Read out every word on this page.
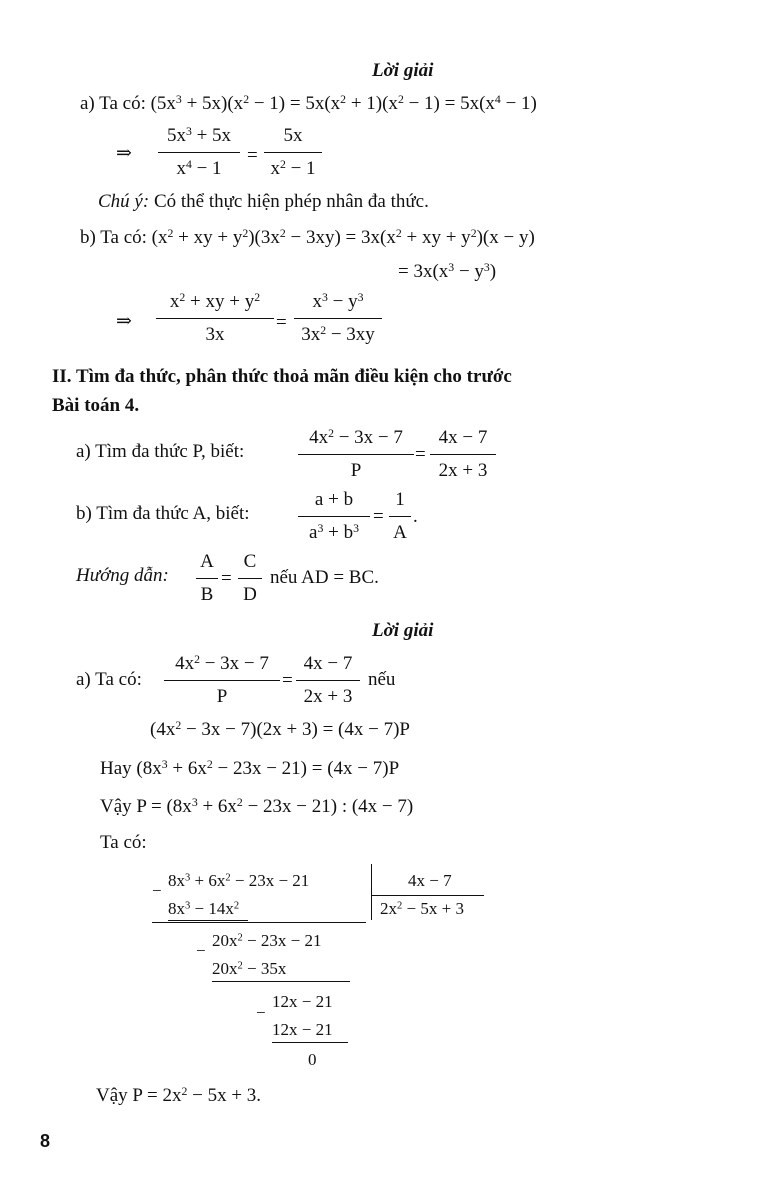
Lời giải
a) Ta có: $(5x^3 + 5x)(x^2 - 1) = 5x(x^2 + 1)(x^2 - 1) = 5x(x^4 - 1)$
⇒
$5x^3 + 5x$
$x^4 - 1$
=
5x
$x^2 - 1$
Chú ý: Có thể thực hiện phép nhân đa thức.
b) Ta có: ($x^2$ + xy + $y^2)(3x^2 - 3xy) = 3x(x^2$ + xy + $y^2)(x - y)$
= $3x(x^3 - y^3)$
⇒
$x^2$ + xy + $y^2$
3x
=
$x^3 - y^3$
$3x^2 - 3xy$
II. Tìm đa thức, phân thức thoả mãn điều kiện cho trước
Bài toán 4.
a) Tìm đa thức P, biết:
$4x^2 - 3x - 7$
P
=
4x − 7
2x + 3
b) Tìm đa thức A, biết:
a + b
$a^3 + b^3$
=
1
A
.
Hướng dẫn:
A
B
=
C
D
nếu AD = BC.
Lời giải
a) Ta có:
$4x^2 - 3x - 7$
P
=
4x − 7
2x + 3
nếu
$(4x^2 - 3x - 7)(2x + 3) = (4x - 7)P$
Hay $(8x^3 + 6x^2 - 23x - 21) = (4x - 7)P$
Vậy $P = (8x^3 + 6x^2 - 23x - 21)$ : (4x − 7)
Ta có:
−
$8x^3 + 6x^2 - 23x - 21$
$8x^3 - 14x^2$
4x − 7
$2x^2 - 5x + 3$
−
$20x^2 - 23x - 21$
$20x^2 - 35x$
−
12x − 21
12x − 21
0
Vậy $P = 2x^2 - 5x + 3$.
8
